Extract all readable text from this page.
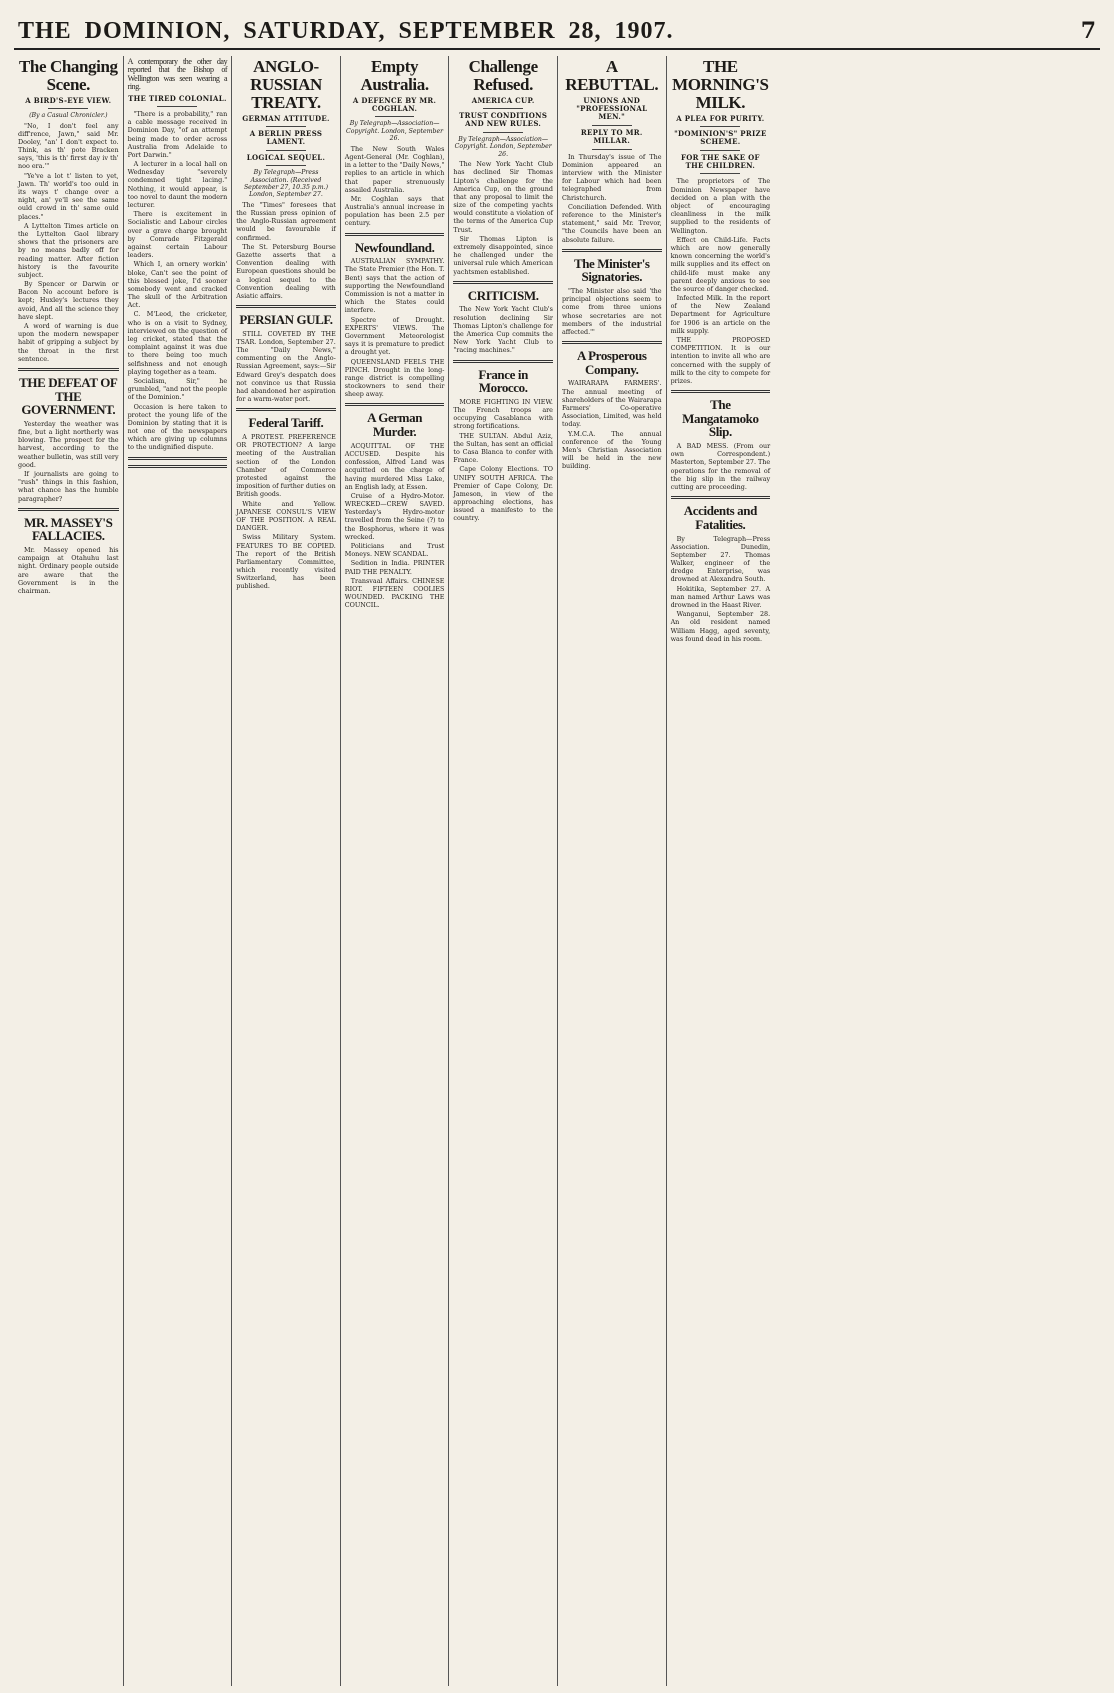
THE DOMINION, SATURDAY, SEPTEMBER 28, 1907.	7
The Changing Scene.
A BIRD'S-EYE VIEW.
(By a Casual Chronicler.)

"No, I don't feel any diff'rence, Jawn," said Mr. Dooley, "an' I don't expect to. Think, as th' pote Bracken says, 'this is th' firrst day iv th' noo era.'"

"Ye've a lot t' listen to yet, Jawn. Th' world's too ould in its ways t' change over a night, an' ye'll see the same ould crowd in th' same ould places."

A Lyttelton Times article on the Lyttelton Gaol library shows that the prisoners are by no means badly off for reading matter. After fiction history is the favourite subject.

By Spencer or Darwin or Bacon No account before is kept; Huxley's lectures they avoid, And all the science they have slept.

A word of warning is due upon the modern newspaper habit of gripping a subject by the throat in the first sentence.

THE DEFEAT OF THE GOVERNMENT.

Yesterday the weather was fine, but a light northerly was blowing. The prospect for the harvest, according to the weather bulletin, was still very good.

If journalists are going to "rush" things in this fashion, what chance has the humble paragrapher?

MR. MASSEY'S FALLACIES.

Mr. Massey opened his campaign at Otahuhu last night. Ordinary people outside are aware that the Government is in the chairman.

A contemporary the other day reported that the Bishop of Wellington was seen wearing a ring.
THE TIRED COLONIAL.

"There is a probability," ran a cable message received in Dominion Day, "of an attempt being made to order across Australia from Adelaide to Port Darwin."

A lecturer in a local hall on Wednesday "severely condemned tight lacing." Nothing, it would appear, is too novel to daunt the modern lecturer.

There is excitement in Socialistic and Labour circles over a grave charge brought by Comrade Fitzgerald against certain Labour leaders.

Which I, an ornery workin' bloke, Can't see the point of this blessed joke, I'd sooner somebody went and cracked The skull of the Arbitration Act.

C. M'Leod, the cricketer, who is on a visit to Sydney, interviewed on the question of leg cricket, stated that the complaint against it was due to there being too much selfishness and not enough playing together as a team.

Socialism, Sir," he grumbled, "and not the people of the Dominion."

Occasion is here taken to protect the young life of the Dominion by stating that it is not one of the newspapers which are giving up columns to the undignified dispute.

ANGLO-RUSSIAN TREATY.
GERMAN ATTITUDE.
A BERLIN PRESS LAMENT.
LOGICAL SEQUEL.
By Telegraph—Press Association. (Received September 27, 10.35 p.m.) London, September 27.

The "Times" foresees that the Russian press opinion of the Anglo-Russian agreement would be favourable if confirmed.

The St. Petersburg Bourse Gazette asserts that a Convention dealing with European questions should be a logical sequel to the Convention dealing with Asiatic affairs.

PERSIAN GULF.

STILL COVETED BY THE TSAR. London, September 27. The "Daily News," commenting on the Anglo-Russian Agreement, says:—Sir Edward Grey's despatch does not convince us that Russia had abandoned her aspiration for a warm-water port.

Federal Tariff.

A PROTEST. PREFERENCE OR PROTECTION? A large meeting of the Australian section of the London Chamber of Commerce protested against the imposition of further duties on British goods.

White and Yellow. JAPANESE CONSUL'S VIEW OF THE POSITION. A REAL DANGER.

Swiss Military System. FEATURES TO BE COPIED. The report of the British Parliamentary Committee, which recently visited Switzerland, has been published.

Empty Australia.
A DEFENCE BY MR. COGHLAN.
By Telegraph—Association—Copyright. London, September 26.

The New South Wales Agent-General (Mr. Coghlan), in a letter to the "Daily News," replies to an article in which that paper strenuously assailed Australia.

Mr. Coghlan says that Australia's annual increase in population has been 2.5 per century.

Newfoundland.

AUSTRALIAN SYMPATHY. The State Premier (the Hon. T. Bent) says that the action of supporting the Newfoundland Commission is not a matter in which the States could interfere.

Spectre of Drought. EXPERTS' VIEWS. The Government Meteorologist says it is premature to predict a drought yet.

QUEENSLAND FEELS THE PINCH. Drought in the long-range district is compelling stockowners to send their sheep away.

A German Murder.

ACQUITTAL OF THE ACCUSED. Despite his confession, Alfred Land was acquitted on the charge of having murdered Miss Lake, an English lady, at Essen.

Cruise of a Hydro-Motor. WRECKED—CREW SAVED. Yesterday's Hydro-motor travelled from the Seine (?) to the Bosphorus, where it was wrecked.

Politicians and Trust Moneys. NEW SCANDAL.

Sedition in India. PRINTER PAID THE PENALTY.

Transvaal Affairs. CHINESE RIOT. FIFTEEN COOLIES WOUNDED. PACKING THE COUNCIL.

Challenge Refused.
AMERICA CUP.
TRUST CONDITIONS AND NEW RULES.
By Telegraph—Association—Copyright. London, September 26.

The New York Yacht Club has declined Sir Thomas Lipton's challenge for the America Cup, on the ground that any proposal to limit the size of the competing yachts would constitute a violation of the terms of the America Cup Trust.

Sir Thomas Lipton is extremely disappointed, since he challenged under the universal rule which American yachtsmen established.

CRITICISM.

The New York Yacht Club's resolution declining Sir Thomas Lipton's challenge for the America Cup commits the New York Yacht Club to "racing machines."

France in Morocco.

MORE FIGHTING IN VIEW. The French troops are occupying Casablanca with strong fortifications.

THE SULTAN. Abdul Aziz, the Sultan, has sent an official to Casa Blanca to confer with France.

Cape Colony Elections. TO UNIFY SOUTH AFRICA. The Premier of Cape Colony, Dr. Jameson, in view of the approaching elections, has issued a manifesto to the country.

A REBUTTAL.
UNIONS AND "PROFESSIONAL MEN."
REPLY TO MR. MILLAR.

In Thursday's issue of The Dominion appeared an interview with the Minister for Labour which had been telegraphed from Christchurch.

Conciliation Defended. With reference to the Minister's statement," said Mr. Trevor, "the Councils have been an absolute failure.

The Minister's Signatories.

"The Minister also said 'the principal objections seem to come from three unions whose secretaries are not members of the industrial affected.'"

A Prosperous Company.

WAIRARAPA FARMERS'. The annual meeting of shareholders of the Wairarapa Farmers' Co-operative Association, Limited, was held today.

Y.M.C.A. The annual conference of the Young Men's Christian Association will be held in the new building.

THE MORNING'S MILK.
A PLEA FOR PURITY.
"DOMINION'S" PRIZE SCHEME.
FOR THE SAKE OF THE CHILDREN.

The proprietors of The Dominion Newspaper have decided on a plan with the object of encouraging cleanliness in the milk supplied to the residents of Wellington.

Effect on Child-Life. Facts which are now generally known concerning the world's milk supplies and its effect on child-life must make any parent deeply anxious to see the source of danger checked.

Infected Milk. In the report of the New Zealand Department for Agriculture for 1906 is an article on the milk supply.

THE PROPOSED COMPETITION. It is our intention to invite all who are concerned with the supply of milk to the city to compete for prizes.

The Mangatamoko Slip.

A BAD MESS. (From our own Correspondent.) Masterton, September 27. The operations for the removal of the big slip in the railway cutting are proceeding.

Accidents and Fatalities.

By Telegraph—Press Association. Dunedin, September 27. Thomas Walker, engineer of the dredge Enterprise, was drowned at Alexandra South.

Hokitika, September 27. A man named Arthur Laws was drowned in the Haast River.

Wanganui, September 28. An old resident named William Hagg, aged seventy, was found dead in his room.
